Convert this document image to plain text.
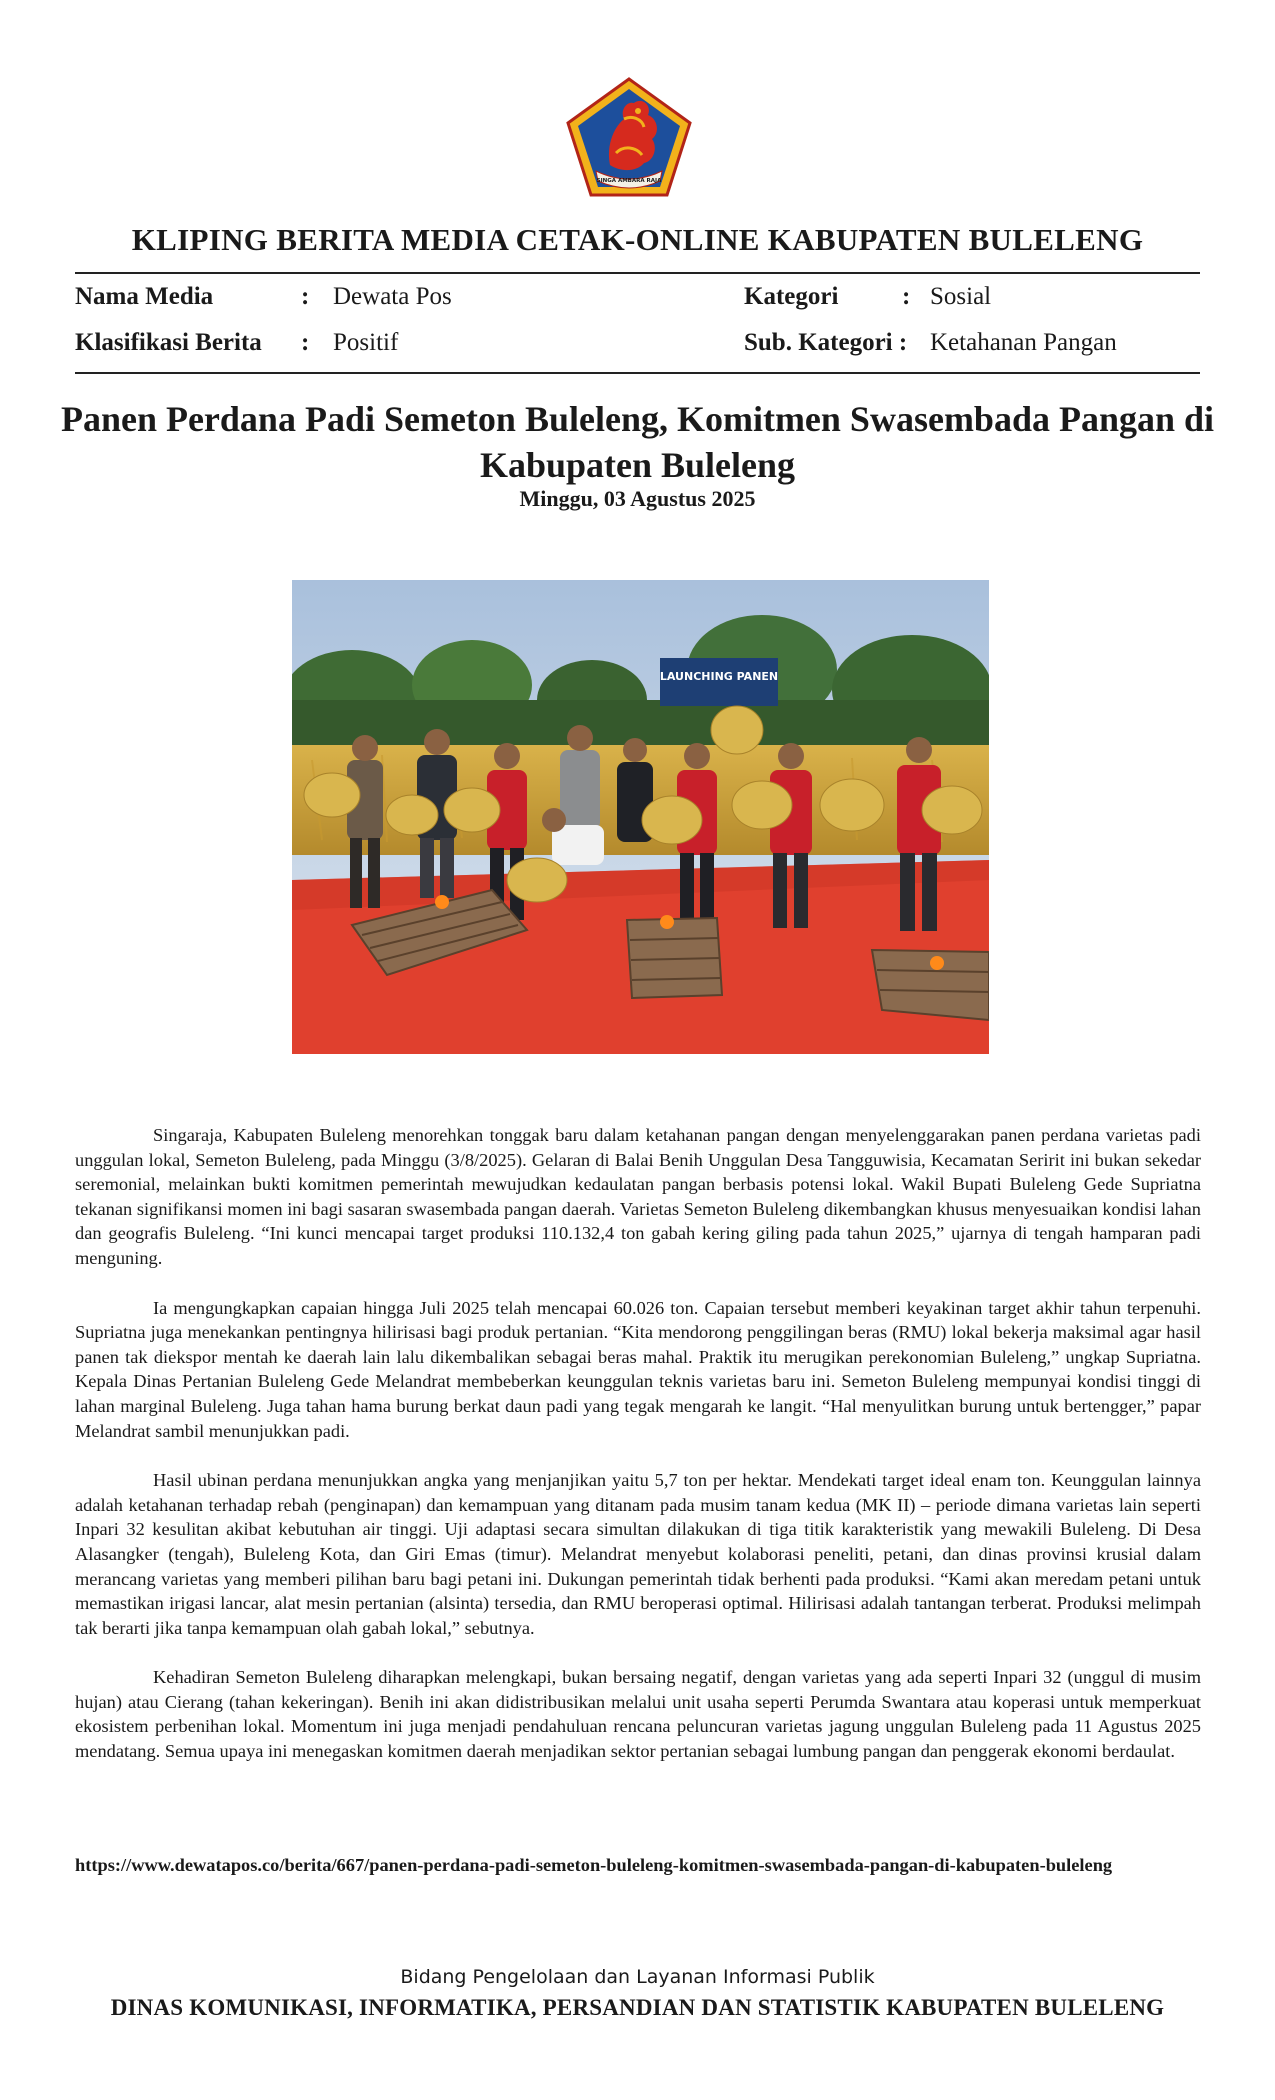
SINGA AMBARA RAJA
KLIPING BERITA MEDIA CETAK-ONLINE KABUPATEN BULELENG
Nama Media	: Dewata Pos
Klasifikasi Berita : Positif
Kategori	: Sosial
Sub. Kategori : Ketahanan Pangan
Panen Perdana Padi Semeton Buleleng, Komitmen Swasembada Pangan di Kabupaten Buleleng
Minggu, 03 Agustus 2025
LAUNCHING PANEN

Singaraja, Kabupaten Buleleng menorehkan tonggak baru dalam ketahanan pangan dengan menyelenggarakan panen perdana varietas padi unggulan lokal, Semeton Buleleng, pada Minggu (3/8/2025). Gelaran di Balai Benih Unggulan Desa Tangguwisia, Kecamatan Seririt ini bukan sekedar seremonial, melainkan bukti komitmen pemerintah mewujudkan kedaulatan pangan berbasis potensi lokal. Wakil Bupati Buleleng Gede Supriatna tekanan signifikansi momen ini bagi sasaran swasembada pangan daerah. Varietas Semeton Buleleng dikembangkan khusus menyesuaikan kondisi lahan dan geografis Buleleng. “Ini kunci mencapai target produksi 110.132,4 ton gabah kering giling pada tahun 2025,” ujarnya di tengah hamparan padi menguning.

Ia mengungkapkan capaian hingga Juli 2025 telah mencapai 60.026 ton. Capaian tersebut memberi keyakinan target akhir tahun terpenuhi. Supriatna juga menekankan pentingnya hilirisasi bagi produk pertanian. “Kita mendorong penggilingan beras (RMU) lokal bekerja maksimal agar hasil panen tak diekspor mentah ke daerah lain lalu dikembalikan sebagai beras mahal. Praktik itu merugikan perekonomian Buleleng,” ungkap Supriatna. Kepala Dinas Pertanian Buleleng Gede Melandrat membeberkan keunggulan teknis varietas baru ini. Semeton Buleleng mempunyai kondisi tinggi di lahan marginal Buleleng. Juga tahan hama burung berkat daun padi yang tegak mengarah ke langit. “Hal menyulitkan burung untuk bertengger,” papar Melandrat sambil menunjukkan padi.

Hasil ubinan perdana menunjukkan angka yang menjanjikan yaitu 5,7 ton per hektar. Mendekati target ideal enam ton. Keunggulan lainnya adalah ketahanan terhadap rebah (penginapan) dan kemampuan yang ditanam pada musim tanam kedua (MK II) – periode dimana varietas lain seperti Inpari 32 kesulitan akibat kebutuhan air tinggi. Uji adaptasi secara simultan dilakukan di tiga titik karakteristik yang mewakili Buleleng. Di Desa Alasangker (tengah), Buleleng Kota, dan Giri Emas (timur). Melandrat menyebut kolaborasi peneliti, petani, dan dinas provinsi krusial dalam merancang varietas yang memberi pilihan baru bagi petani ini. Dukungan pemerintah tidak berhenti pada produksi. “Kami akan meredam petani untuk memastikan irigasi lancar, alat mesin pertanian (alsinta) tersedia, dan RMU beroperasi optimal. Hilirisasi adalah tantangan terberat. Produksi melimpah tak berarti jika tanpa kemampuan olah gabah lokal,” sebutnya.

Kehadiran Semeton Buleleng diharapkan melengkapi, bukan bersaing negatif, dengan varietas yang ada seperti Inpari 32 (unggul di musim hujan) atau Cierang (tahan kekeringan). Benih ini akan didistribusikan melalui unit usaha seperti Perumda Swantara atau koperasi untuk memperkuat ekosistem perbenihan lokal. Momentum ini juga menjadi pendahuluan rencana peluncuran varietas jagung unggulan Buleleng pada 11 Agustus 2025 mendatang. Semua upaya ini menegaskan komitmen daerah menjadikan sektor pertanian sebagai lumbung pangan dan penggerak ekonomi berdaulat.

https://www.dewatapos.co/berita/667/panen-perdana-padi-semeton-buleleng-komitmen-swasembada-pangan-di-kabupaten-buleleng
Bidang Pengelolaan dan Layanan Informasi Publik
DINAS KOMUNIKASI, INFORMATIKA, PERSANDIAN DAN STATISTIK KABUPATEN BULELENG
